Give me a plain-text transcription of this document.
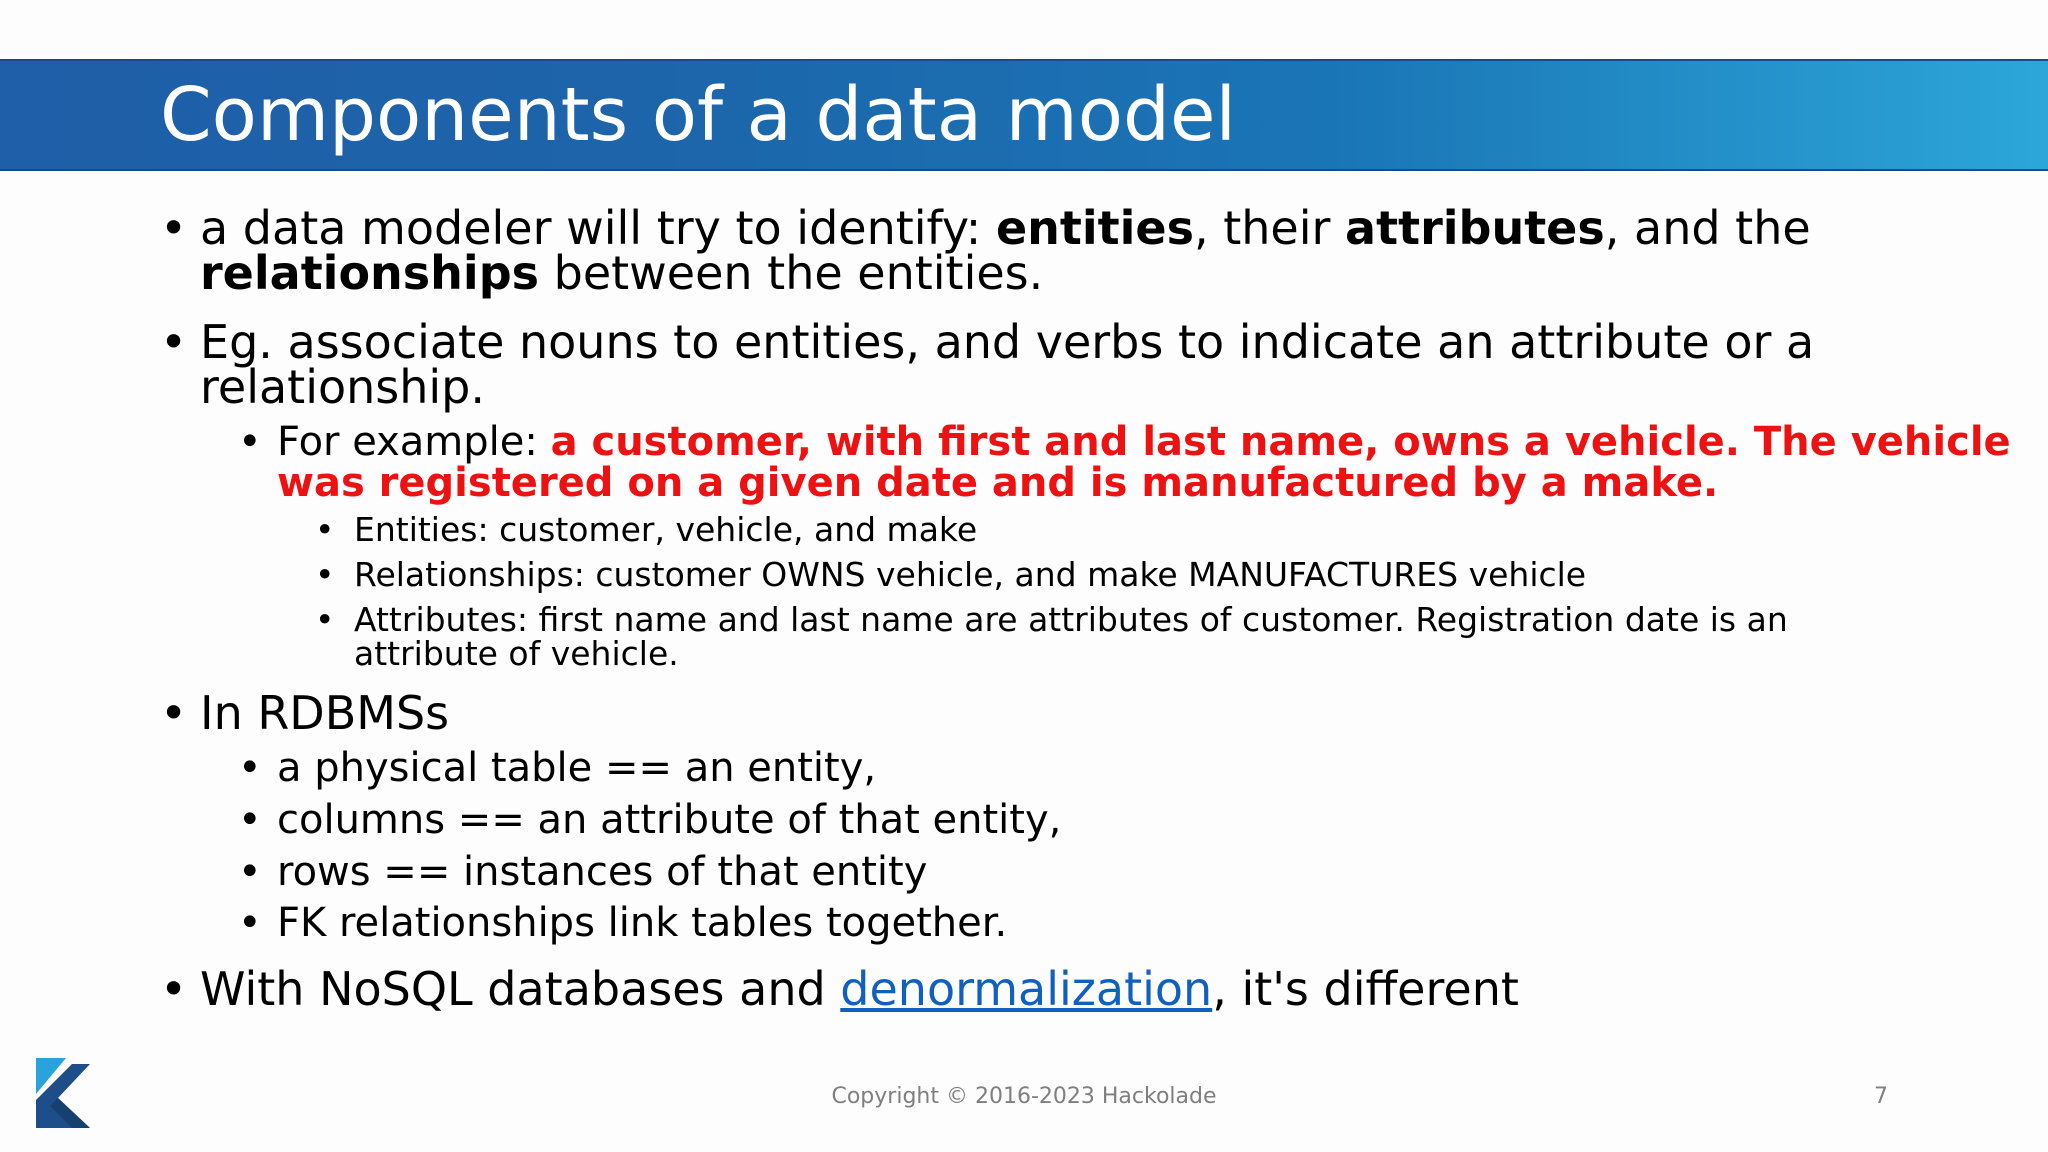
Components of a data model
• a data modeler will try to identify: entities, their attributes, and the
relationships between the entities.
• Eg. associate nouns to entities, and verbs to indicate an attribute or a
relationship.
• For example: a customer, with first and last name, owns a vehicle. The vehicle
was registered on a given date and is manufactured by a make.
• Entities: customer, vehicle, and make
• Relationships: customer OWNS vehicle, and make MANUFACTURES vehicle
• Attributes: first name and last name are attributes of customer. Registration date is an
attribute of vehicle.
• In RDBMSs
• a physical table == an entity,
• columns == an attribute of that entity,
• rows == instances of that entity
• FK relationships link tables together.
• With NoSQL databases and denormalization, it's different
Copyright © 2016-2023 Hackolade	7
